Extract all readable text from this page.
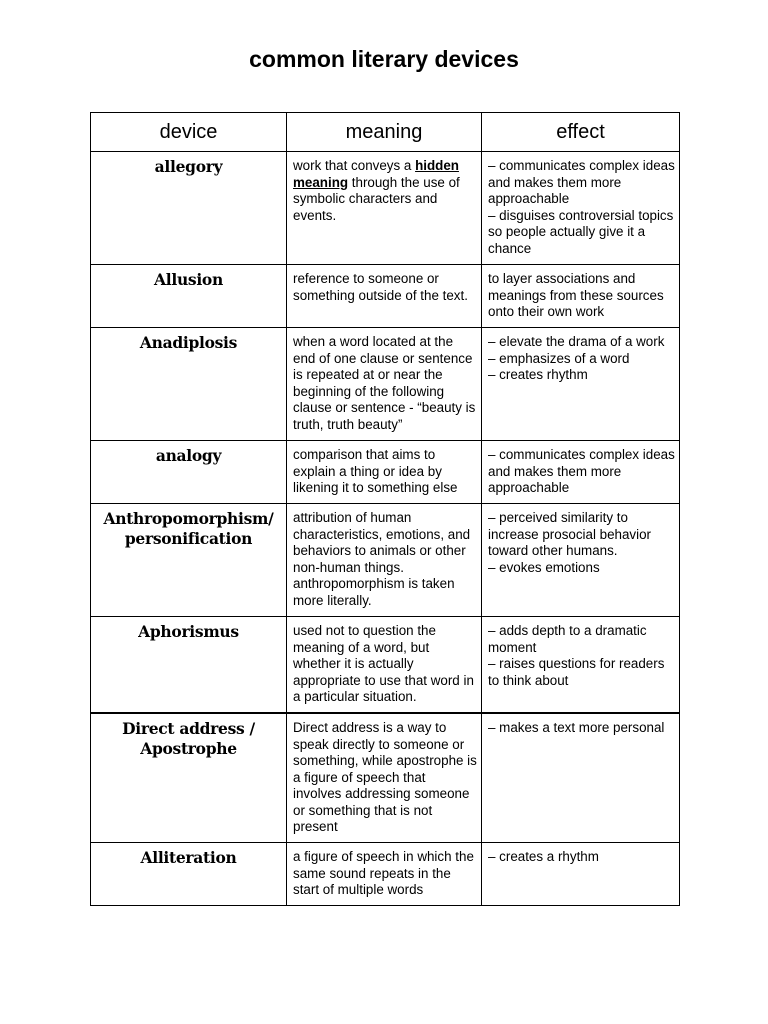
common literary devices
device	meaning	effect
allegory	work that conveys a hidden meaning through the use of symbolic characters and events.	– communicates complex ideas and makes them more approachable
– disguises controversial topics so people actually give it a chance

Allusion	reference to someone or something outside of the text.	to layer associations and meanings from these sources onto their own work

Anadiplosis	when a word located at the end of one clause or sentence is repeated at or near the beginning of the following clause or sentence - “beauty is truth, truth beauty”	– elevate the drama of a work
– emphasizes of a word
– creates rhythm

analogy	comparison that aims to explain a thing or idea by likening it to something else	– communicates complex ideas and makes them more approachable

Anthropomorphism/ personification	attribution of human characteristics, emotions, and behaviors to animals or other non-human things. anthropomorphism is taken more literally.	– perceived similarity to increase prosocial behavior toward other humans.
– evokes emotions

Aphorismus	used not to question the meaning of a word, but whether it is actually appropriate to use that word in a particular situation.	– adds depth to a dramatic moment
– raises questions for readers to think about

Direct address / Apostrophe	Direct address is a way to speak directly to someone or something, while apostrophe is a figure of speech that involves addressing someone or something that is not present	– makes a text more personal

Alliteration	a figure of speech in which the same sound repeats in the start of multiple words	– creates a rhythm
